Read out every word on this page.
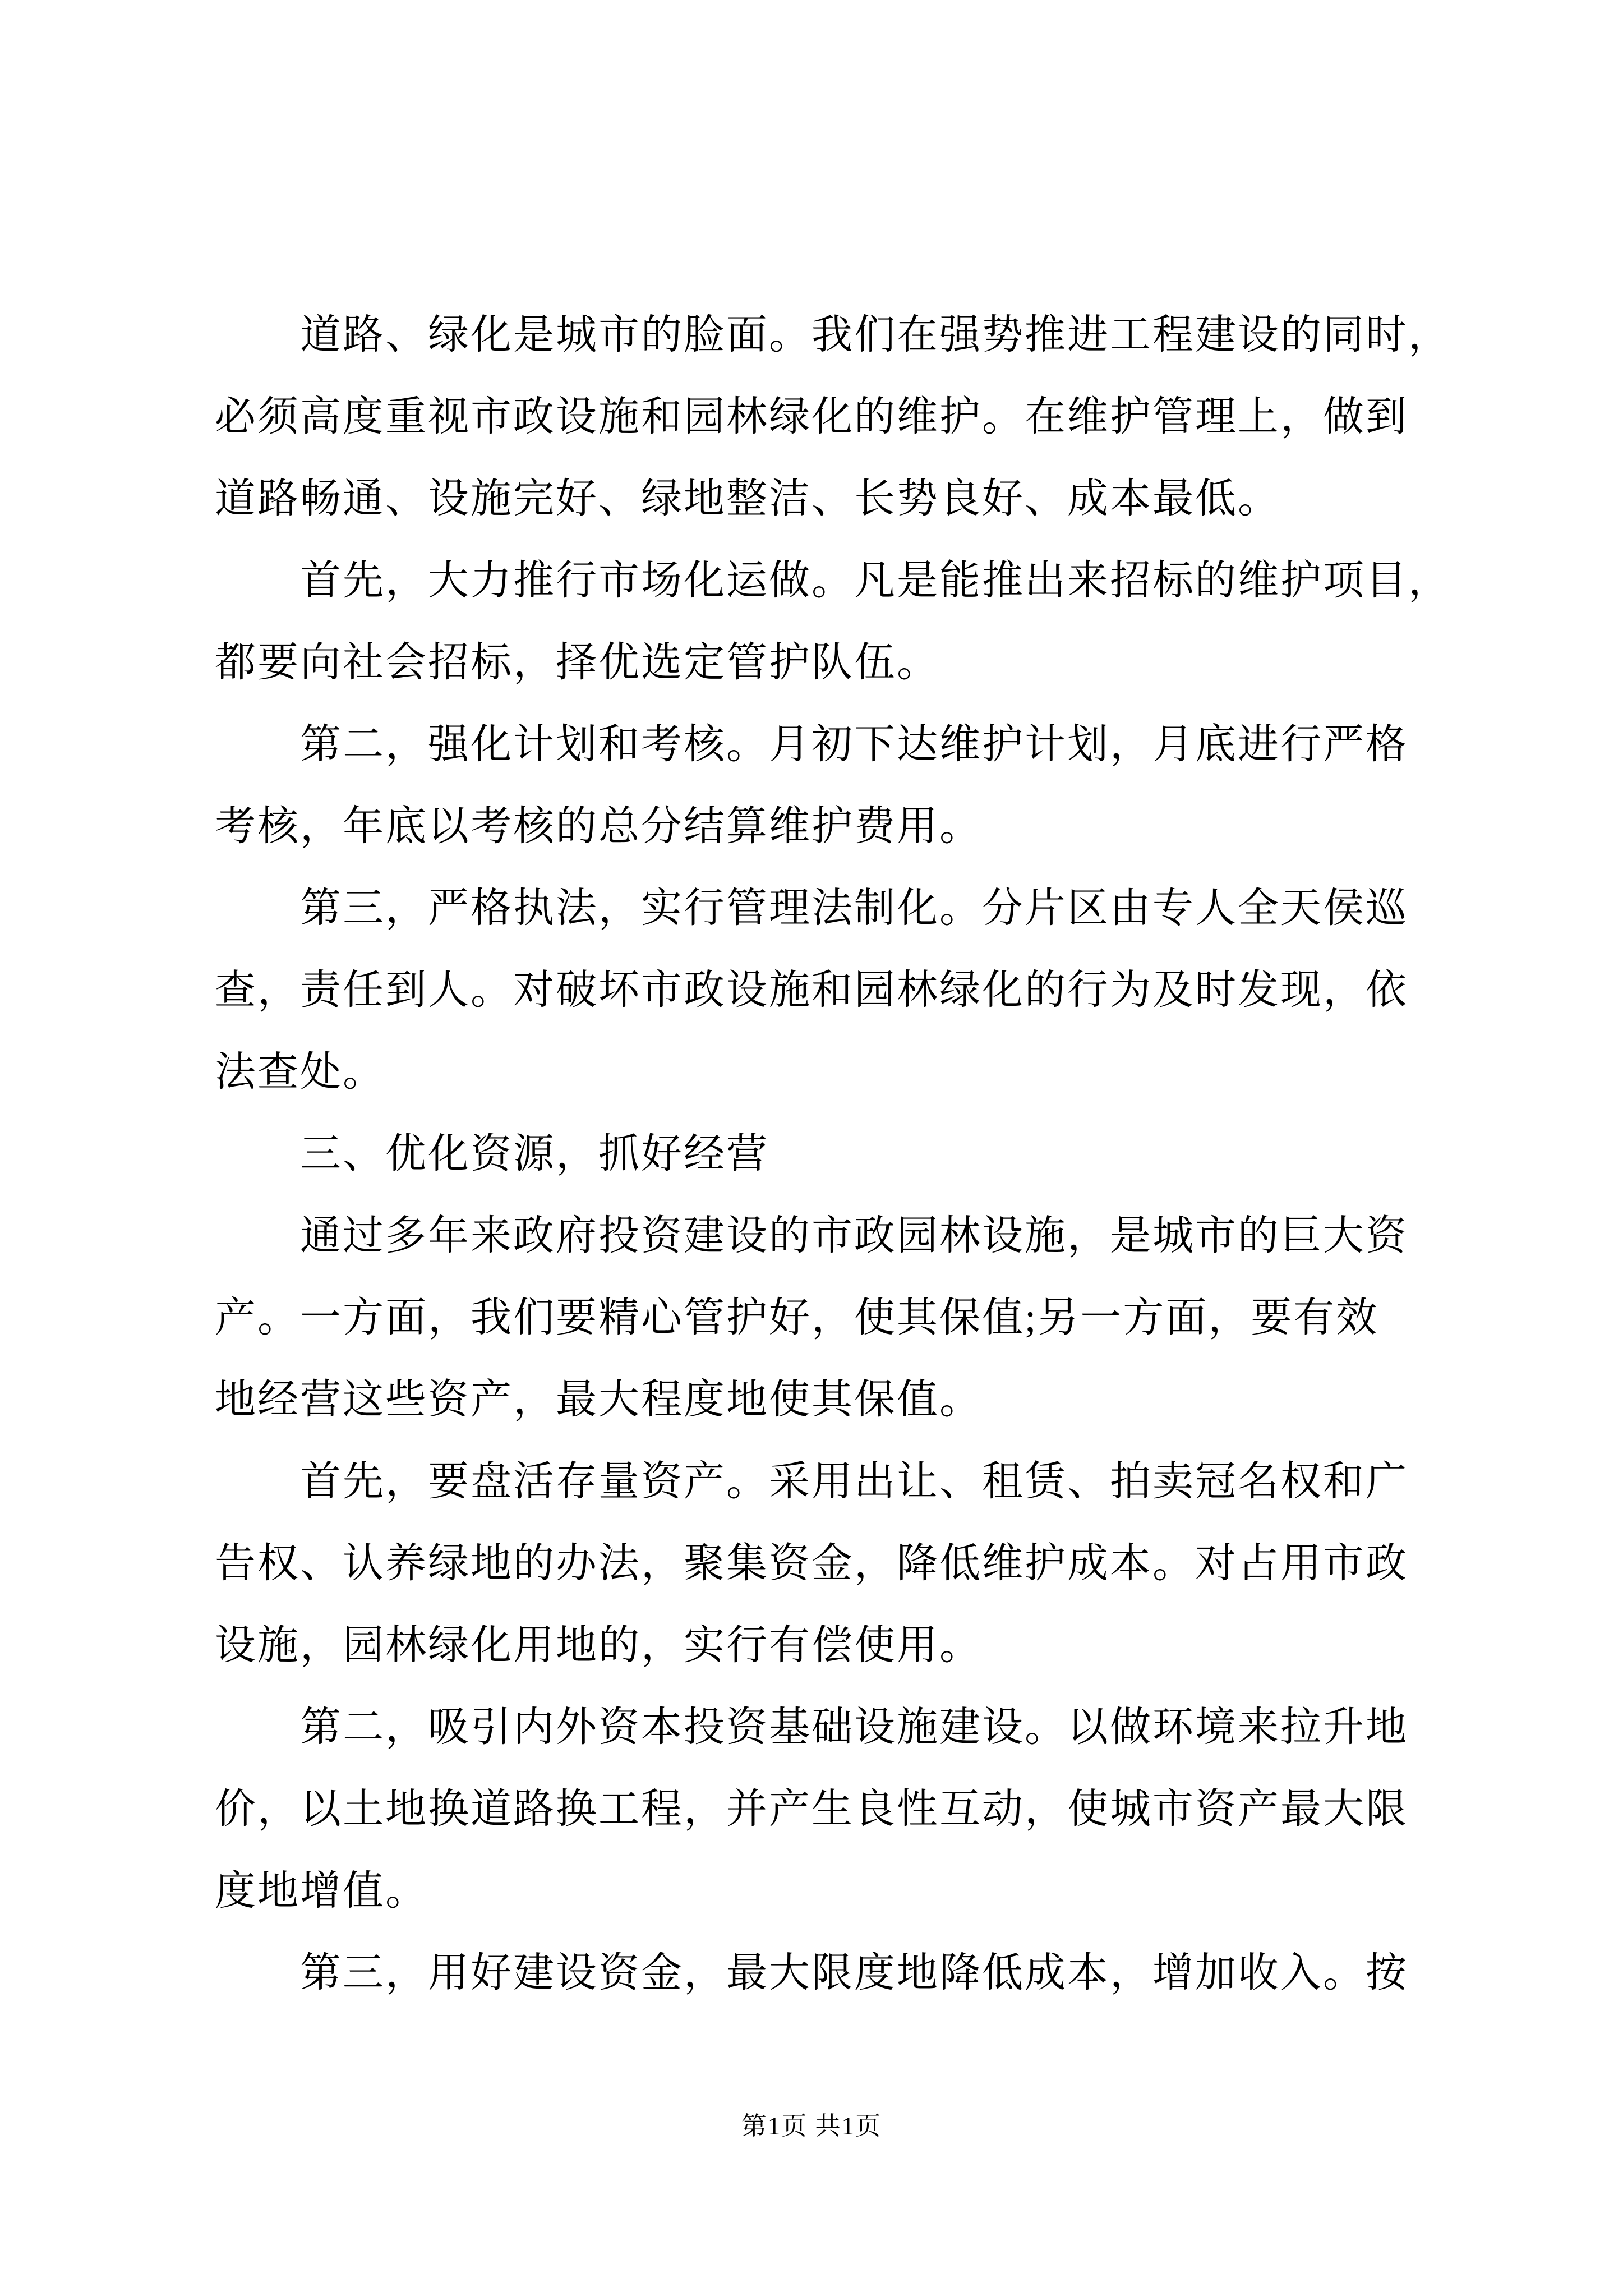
道路、绿化是城市的脸面。我们在强势推进工程建设的同时，
必须高度重视市政设施和园林绿化的维护。在维护管理上，做到
道路畅通、设施完好、绿地整洁、长势良好、成本最低。
首先，大力推行市场化运做。凡是能推出来招标的维护项目，
都要向社会招标，择优选定管护队伍。
第二，强化计划和考核。月初下达维护计划，月底进行严格
考核，年底以考核的总分结算维护费用。
第三，严格执法，实行管理法制化。分片区由专人全天侯巡
查，责任到人。对破坏市政设施和园林绿化的行为及时发现，依
法查处。
三、优化资源，抓好经营
通过多年来政府投资建设的市政园林设施，是城市的巨大资
产。一方面，我们要精心管护好，使其保值;另一方面，要有效
地经营这些资产，最大程度地使其保值。
首先，要盘活存量资产。采用出让、租赁、拍卖冠名权和广
告权、认养绿地的办法，聚集资金，降低维护成本。对占用市政
设施，园林绿化用地的，实行有偿使用。
第二，吸引内外资本投资基础设施建设。以做环境来拉升地
价，以土地换道路换工程，并产生良性互动，使城市资产最大限
度地增值。
第三，用好建设资金，最大限度地降低成本，增加收入。按
第1页 共1页
